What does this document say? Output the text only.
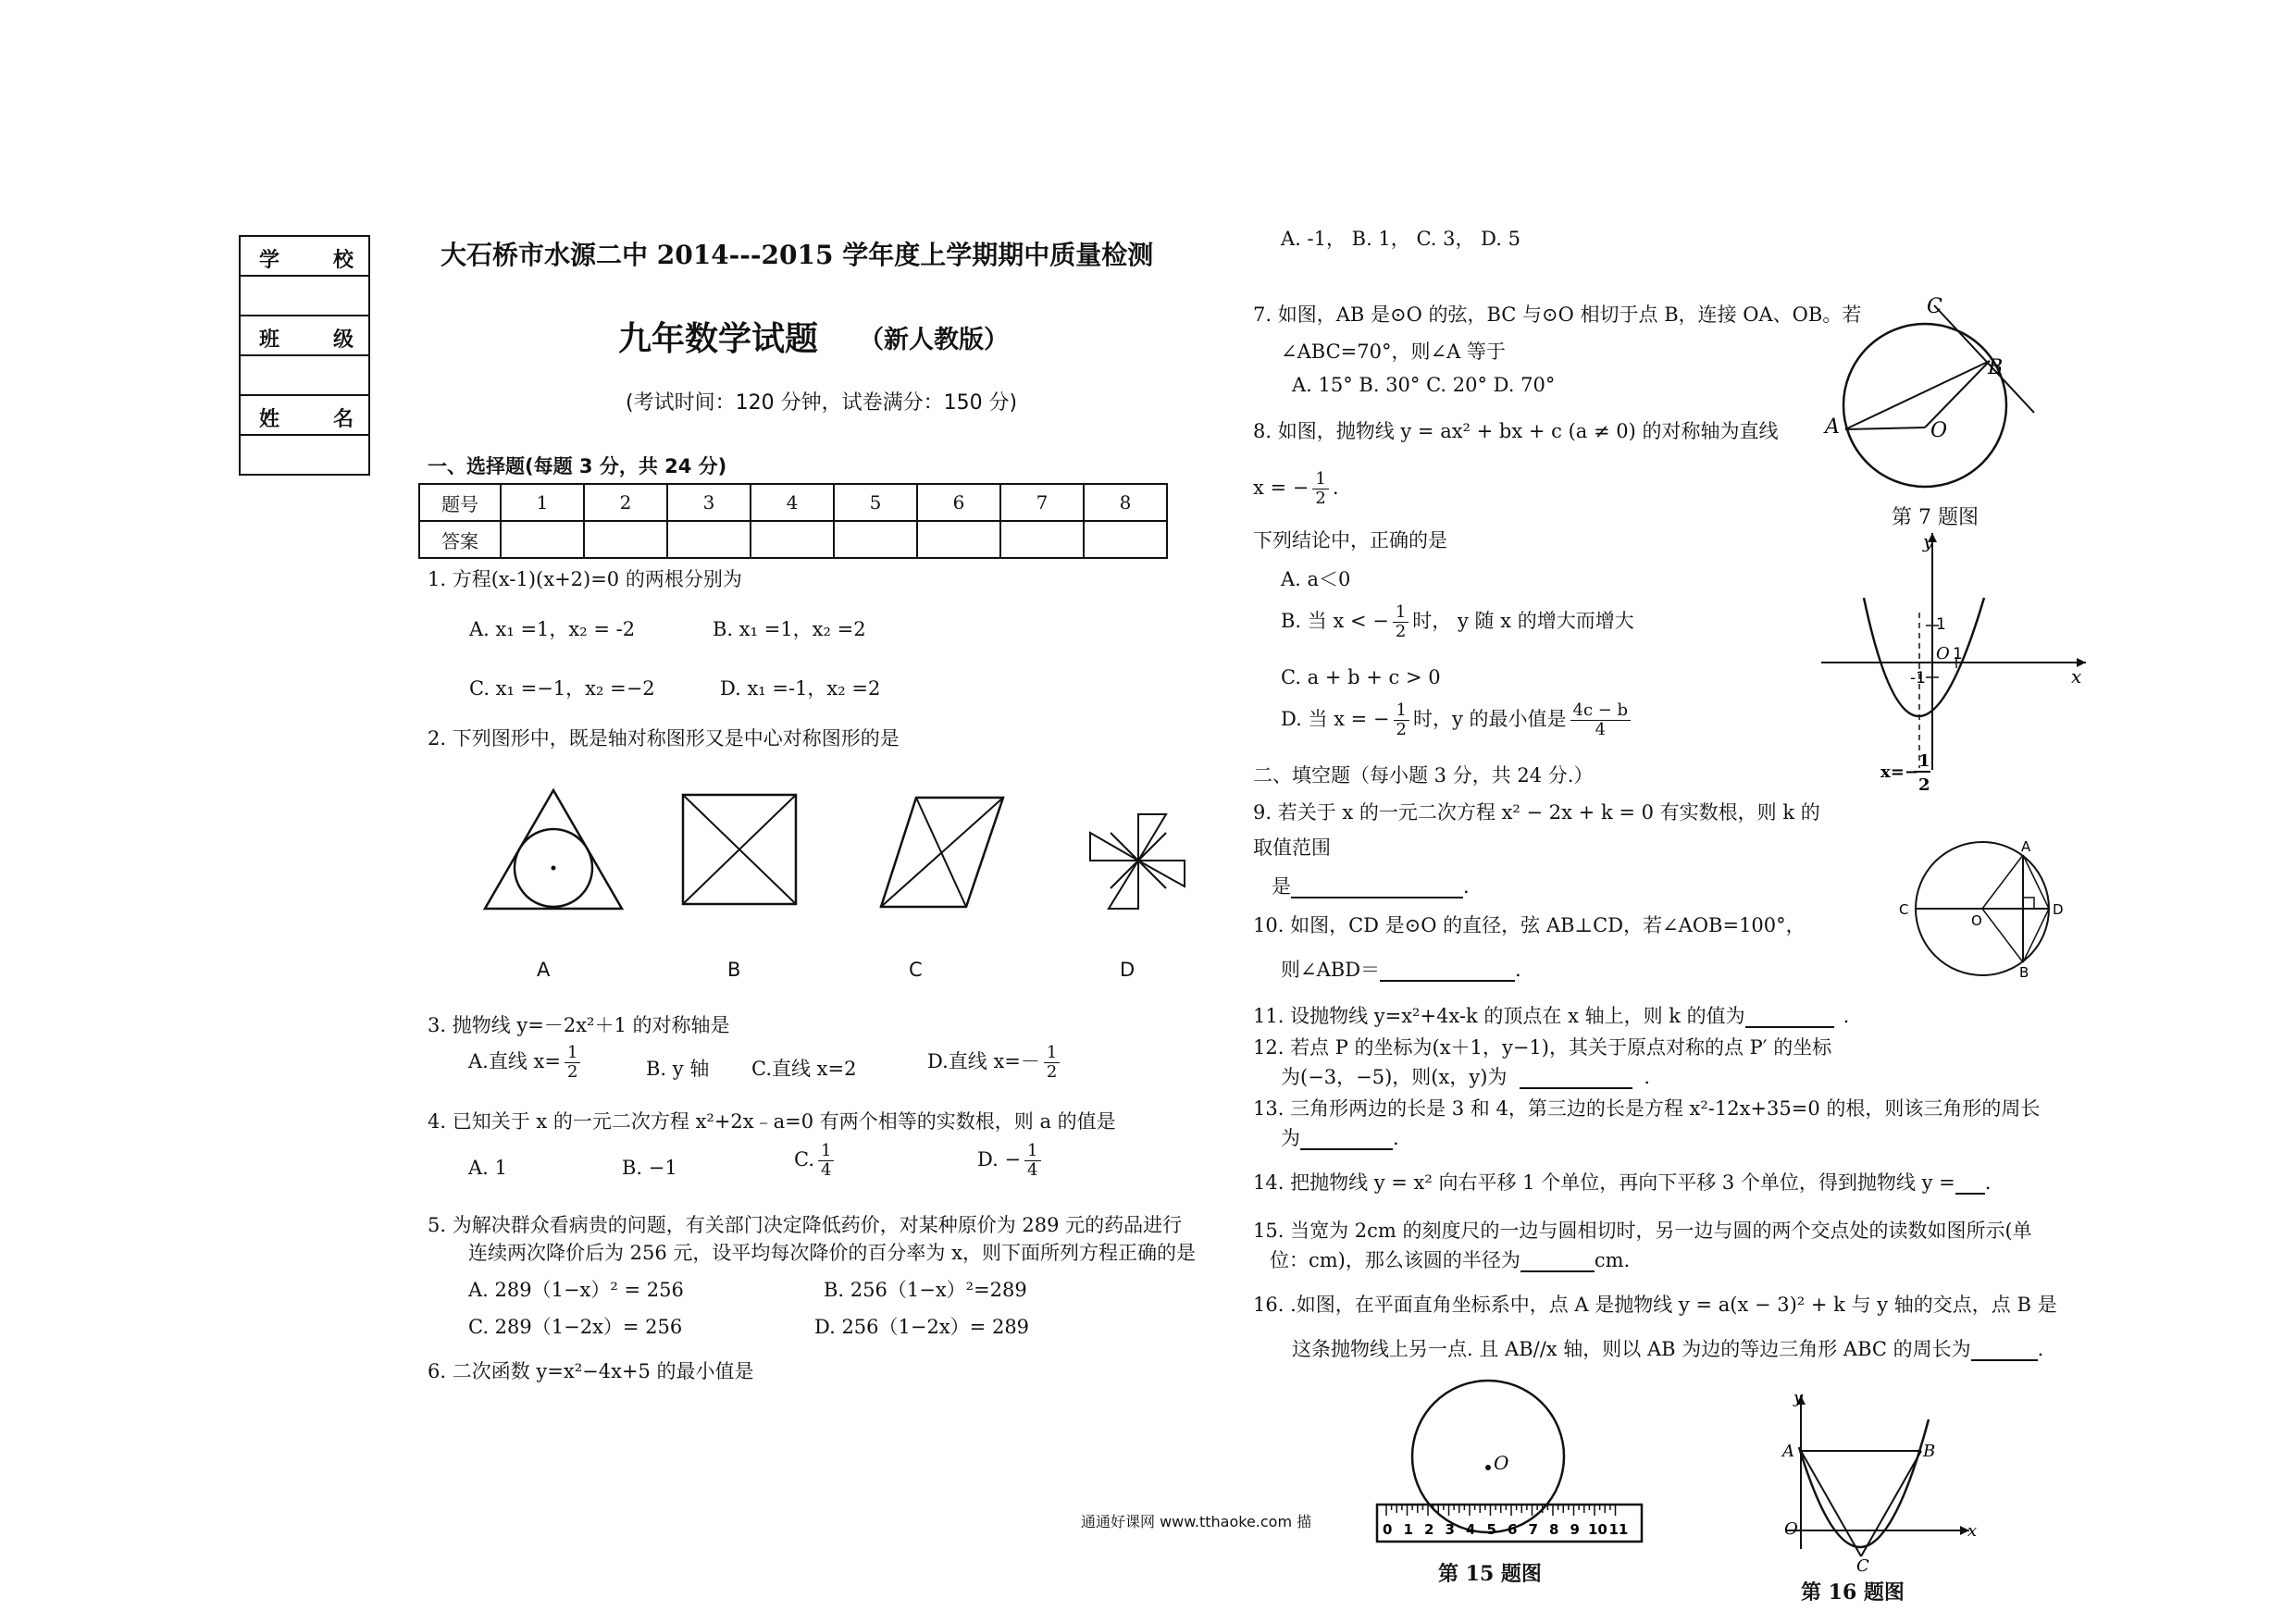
学	校
班	级
姓	名
大石桥市水源二中 2014---2015 学年度上学期期中质量检测
九年数学试题 （新人教版）
(考试时间：120 分钟，试卷满分：150 分)
一、选择题(每题 3 分，共 24 分)
题号	1	2	3	4	5	6	7	8
答案								
1. 方程(x-1)(x+2)=0 的两根分别为
A. x₁ =1，x₂ = -2	B. x₁ =1，x₂ =2
C. x₁ =−1，x₂ =−2	D. x₁ =-1，x₂ =2
2. 下列图形中，既是轴对称图形又是中心对称图形的是
A	B	C	D
3. 抛物线 y=－2x²＋1 的对称轴是
A.直线 $x= \frac{1}{2}$	B. y 轴 C.直线 x=2	D.直线 $x=- \frac{1}{2}$
4. 已知关于 x 的一元二次方程 x²+2x﹣a=0 有两个相等的实数根，则 a 的值是
A. 1	B. −1	C. $\frac{1}{4}$	D. − $\frac{1}{4}$
5. 为解决群众看病贵的问题，有关部门决定降低药价，对某种原价为 289 元的药品进行
连续两次降价后为 256 元，设平均每次降价的百分率为 x，则下面所列方程正确的是
A. 289（1−x）² = 256	B. 256（1−x）²=289
C. 289（1−2x）= 256	D. 256（1−2x）= 289
6. 二次函数 y=x²−4x+5 的最小值是
A. -1， B. 1， C. 3， D. 5
7. 如图，AB 是⊙O 的弦，BC 与⊙O 相切于点 B，连接 OA、OB。若
∠ABC=70°，则∠A 等于
A. 15° B. 30° C. 20° D. 70°
C
B
A	O
第 7 题图
8. 如图，抛物线 y = ax² + bx + c (a ≠ 0) 的对称轴为直线
x = − $\frac{1}{2}$ .
下列结论中，正确的是
A. a＜0
B. 当 x < − $\frac{1}{2}$ 时， y 随 x 的增大而增大
C. a + b + c > 0
D. 当 x = − $\frac{1}{2}$ 时，y 的最小值是 $\frac{4c - b}{4}$
y
x
1
-1
O 1
x=−
1
2
二、填空题（每小题 3 分，共 24 分.）
9. 若关于 x 的一元二次方程 x² − 2x + k = 0 有实数根，则 k 的
取值范围
是	.
10. 如图，CD 是⊙O 的直径，弦 AB⊥CD，若∠AOB=100°，
则∠ABD＝	.
A
B
C	D
O
11. 设抛物线 y=x²+4x-k 的顶点在 x 轴上，则 k 的值为	.
12. 若点 P 的坐标为(x＋1，y−1)，其关于原点对称的点 P′ 的坐标
为(−3，−5)，则(x，y)为	.
13. 三角形两边的长是 3 和 4，第三边的长是方程 x²-12x+35=0 的根，则该三角形的周长
为	.
14. 把抛物线 y = x² 向右平移 1 个单位，再向下平移 3 个单位，得到抛物线 y = .
15. 当宽为 2cm 的刻度尺的一边与圆相切时，另一边与圆的两个交点处的读数如图所示(单
位：cm)，那么该圆的半径为	cm.
16. .如图，在平面直角坐标系中，点 A 是抛物线 y = a(x − 3)² + k 与 y 轴的交点，点 B 是
这条抛物线上另一点. 且 AB//x 轴，则以 AB 为边的等边三角形 ABC 的周长为	.
O
0 1 2 3 4 5 6 7 8 9 10 11
第 15 题图
y
x
A	B
C
O
第 16 题图
通通好课网 www.tthaoke.com 描
